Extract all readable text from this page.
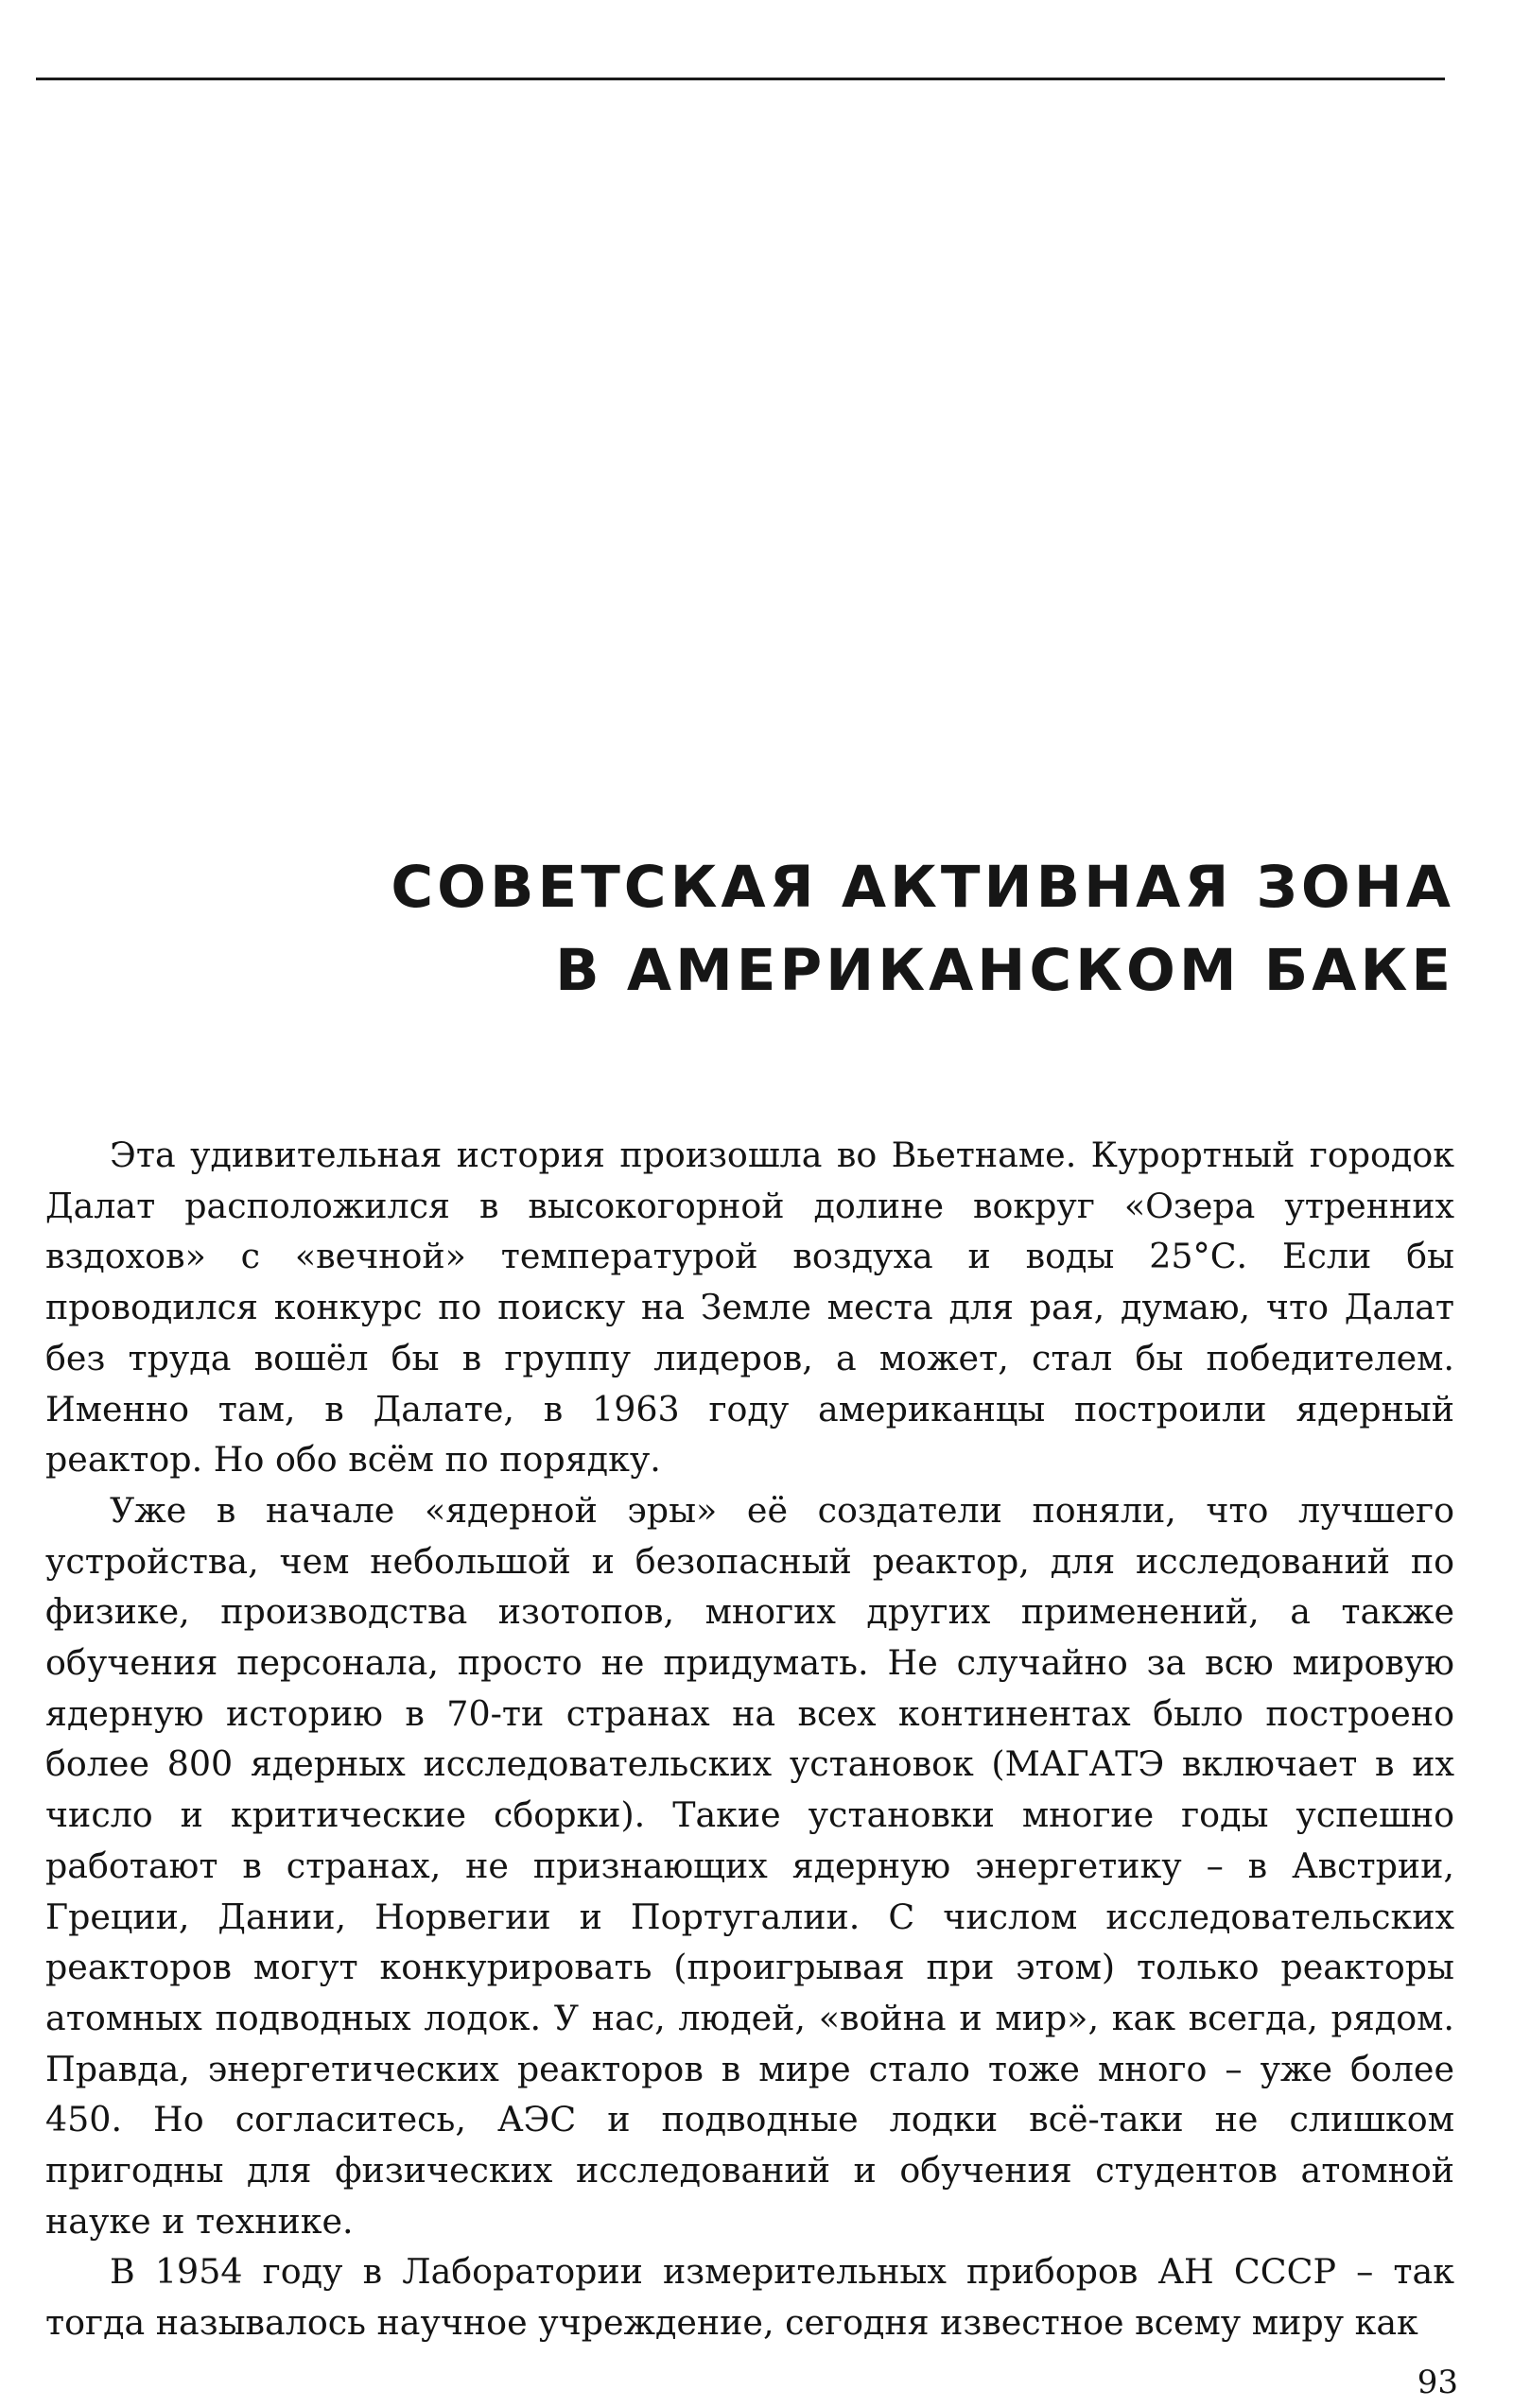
СОВЕТСКАЯ АКТИВНАЯ ЗОНА
В АМЕРИКАНСКОМ БАКЕ

Эта удивительная история произошла во Вьетнаме. Курортный городок Далат расположился в высокогорной долине вокруг «Озера утренних вздохов» с «вечной» температурой воздуха и воды 25°С. Если бы проводился конкурс по поиску на Земле места для рая, думаю, что Далат без труда вошёл бы в группу лидеров, а может, стал бы победителем. Именно там, в Далате, в 1963 году американцы построили ядерный реактор. Но обо всём по порядку.

Уже в начале «ядерной эры» её создатели поняли, что лучшего устройства, чем небольшой и безопасный реактор, для исследований по физике, производства изотопов, многих других применений, а также обучения персонала, просто не придумать. Не случайно за всю мировую ядерную историю в 70-ти странах на всех континентах было построено более 800 ядерных исследовательских установок (МАГАТЭ включает в их число и критические сборки). Такие установки многие годы успешно работают в странах, не признающих ядерную энергетику – в Австрии, Греции, Дании, Норвегии и Португалии. С числом исследовательских реакторов могут конкурировать (проигрывая при этом) только реакторы атомных подводных лодок. У нас, людей, «война и мир», как всегда, рядом. Правда, энергетических реакторов в мире стало тоже много – уже более 450. Но согласитесь, АЭС и подводные лодки всё-таки не слишком пригодны для физических исследований и обучения студентов атомной науке и технике.

В 1954 году в Лаборатории измерительных приборов АН СССР – так тогда называлось научное учреждение, сегодня известное всему миру как

93
